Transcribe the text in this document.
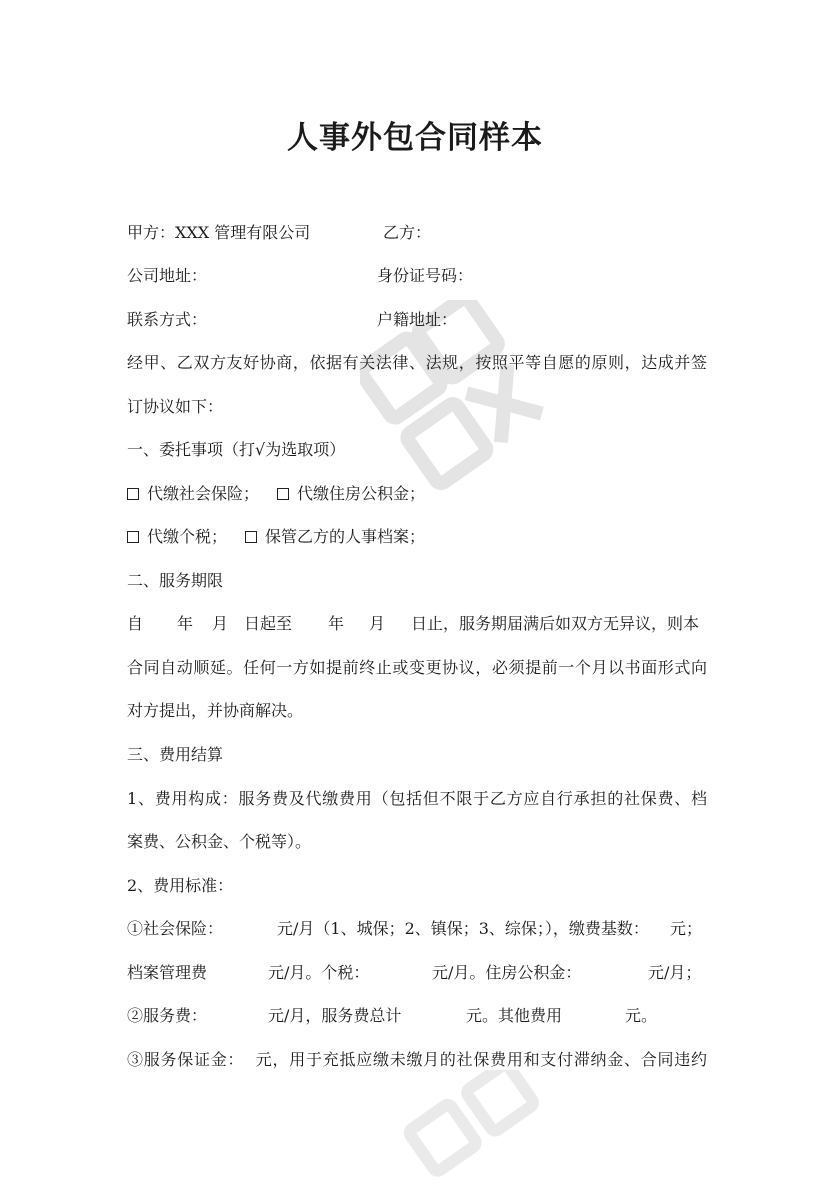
人事外包合同样本
甲方：XXX 管理有限公司	乙方：
公司地址：	身份证号码：
联系方式：	户籍地址：
经甲、乙双方友好协商，依据有关法律、法规，按照平等自愿的原则，达成并签
订协议如下：
一、委托事项（打√为选取项）
代缴社会保险；	代缴住房公积金；
代缴个税；	保管乙方的人事档案；
二、服务期限
自 年 月 日起至 年 月 日止，服务期届满后如双方无异议，则本
合同自动顺延。任何一方如提前终止或变更协议，必须提前一个月以书面形式向
对方提出，并协商解决。
三、费用结算
1、费用构成：服务费及代缴费用（包括但不限于乙方应自行承担的社保费、档
案费、公积金、个税等）。
2、费用标准：
①社会保险：	元/月（1、城保；2、镇保；3、综保；），缴费基数： 元；
档案管理费	元/月。个税：	元/月。住房公积金：	元/月；
②服务费：	元/月，服务费总计	元。其他费用	元。
③服务保证金：  元，用于充抵应缴未缴月的社保费用和支付滞纳金、合同违约
